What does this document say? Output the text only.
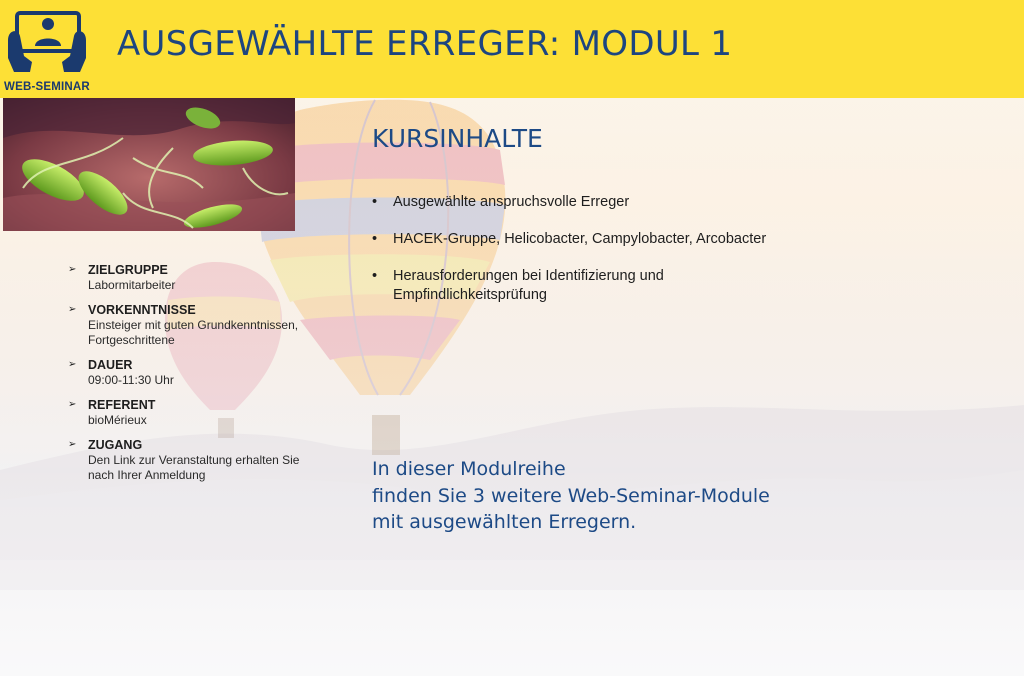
WEB-SEMINAR
AUSGEWÄHLTE ERREGER: MODUL 1
KURSINHALTE
• Ausgewählte anspruchsvolle Erreger
• HACEK-Gruppe, Helicobacter, Campylobacter, Arcobacter
• Herausforderungen bei Identifizierung und
Empfindlichkeitsprüfung
➢ ZIELGRUPPE
Labormitarbeiter
➢ VORKENNTNISSE
Einsteiger mit guten Grundkenntnissen,
Fortgeschrittene
➢ DAUER
09:00-11:30 Uhr
➢ REFERENT
bioMérieux
➢ ZUGANG
Den Link zur Veranstaltung erhalten Sie
nach Ihrer Anmeldung	In dieser Modulreihe
finden Sie 3 weitere Web-Seminar-Module
mit ausgewählten Erregern.
